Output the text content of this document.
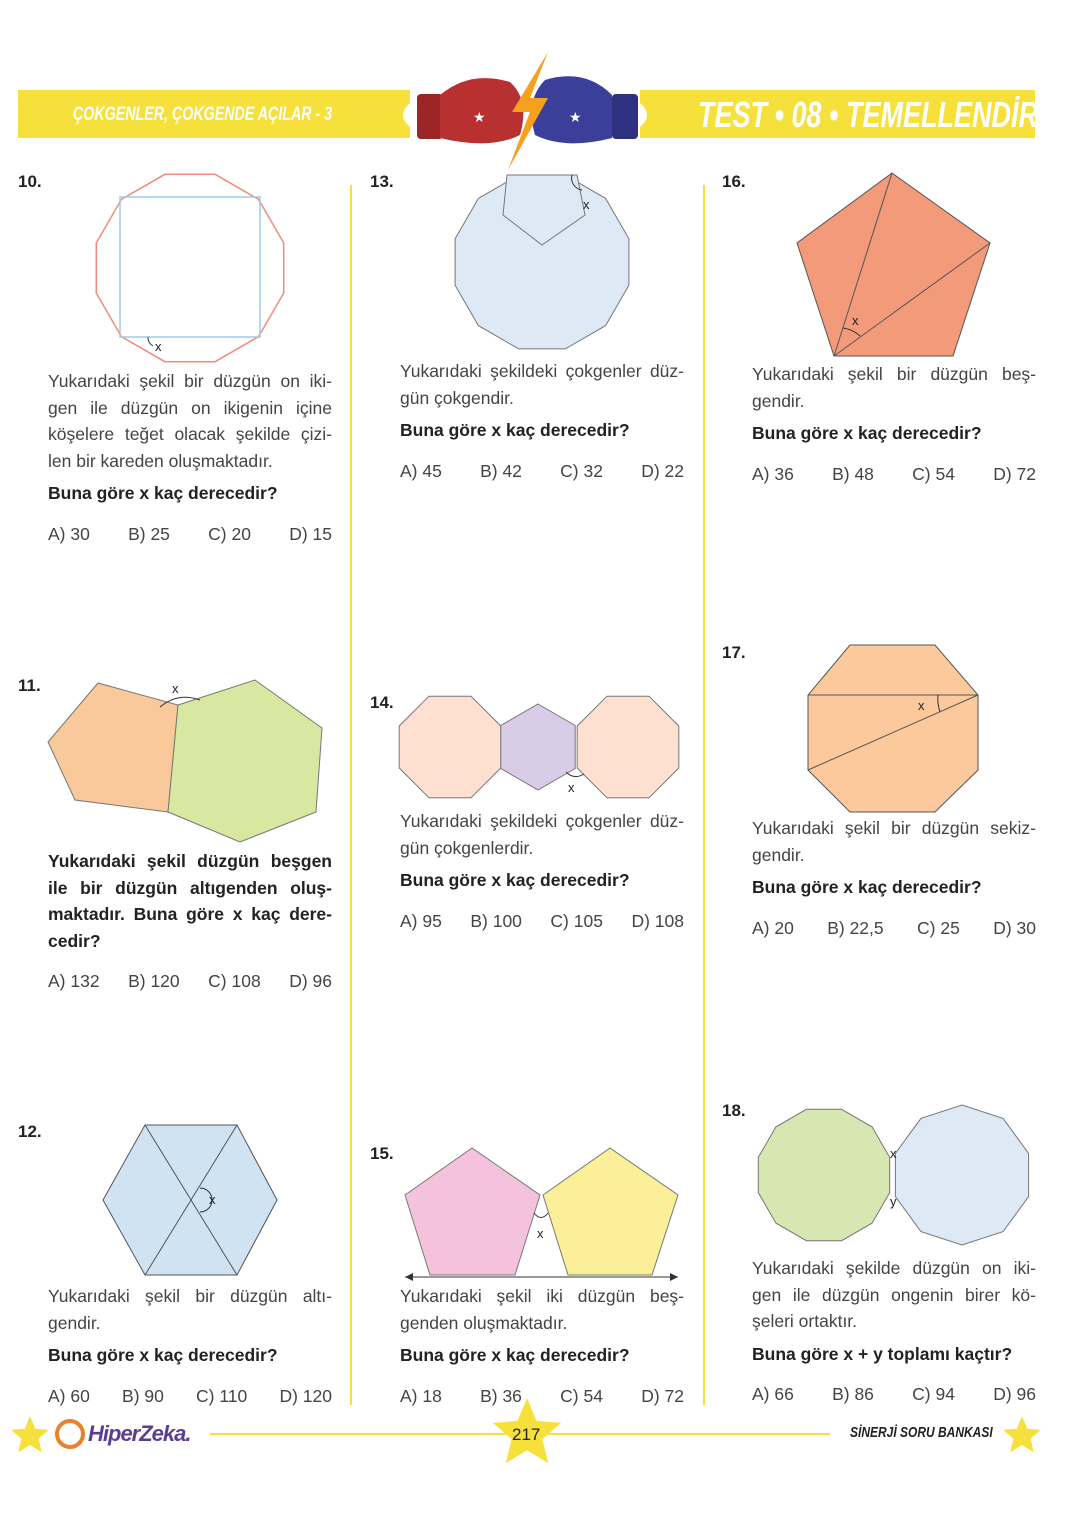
ÇOKGENLER, ÇOKGENDE AÇILAR - 3	TEST • 08 • TEMELLENDİRME
★	★
x
x
x
x
x
x
x
x
x
y
10.
Yukarıdaki şekil bir düzgün on iki-
gen ile düzgün on ikigenin içine
köşelere teğet olacak şekilde çizi-
len bir kareden oluşmaktadır.
Buna göre x kaç derecedir?
A) 30 B) 25 C) 20 D) 15
11.
Yukarıdaki şekil düzgün beşgen
ile bir düzgün altıgenden oluş-
maktadır. Buna göre x kaç dere-
cedir?
A) 132 B) 120 C) 108 D) 96
12.
Yukarıdaki şekil bir düzgün altı-
gendir.
Buna göre x kaç derecedir?
A) 60 B) 90 C) 110 D) 120
13.
Yukarıdaki şekildeki çokgenler düz-
gün çokgendir.
Buna göre x kaç derecedir?
A) 45 B) 42 C) 32 D) 22
14.
Yukarıdaki şekildeki çokgenler düz-
gün çokgenlerdir.
Buna göre x kaç derecedir?
A) 95 B) 100 C) 105 D) 108
15.
Yukarıdaki şekil iki düzgün beş-
genden oluşmaktadır.
Buna göre x kaç derecedir?
A) 18 B) 36 C) 54 D) 72
16.
Yukarıdaki şekil bir düzgün beş-
gendir.
Buna göre x kaç derecedir?
A) 36 B) 48 C) 54 D) 72
17.
Yukarıdaki şekil bir düzgün sekiz-
gendir.
Buna göre x kaç derecedir?
A) 20 B) 22,5 C) 25 D) 30
18.
Yukarıdaki şekilde düzgün on iki-
gen ile düzgün ongenin birer kö-
şeleri ortaktır.
Buna göre x + y toplamı kaçtır?
A) 66 B) 86 C) 94 D) 96
HiperZeka.	217	SİNERJİ SORU BANKASI
